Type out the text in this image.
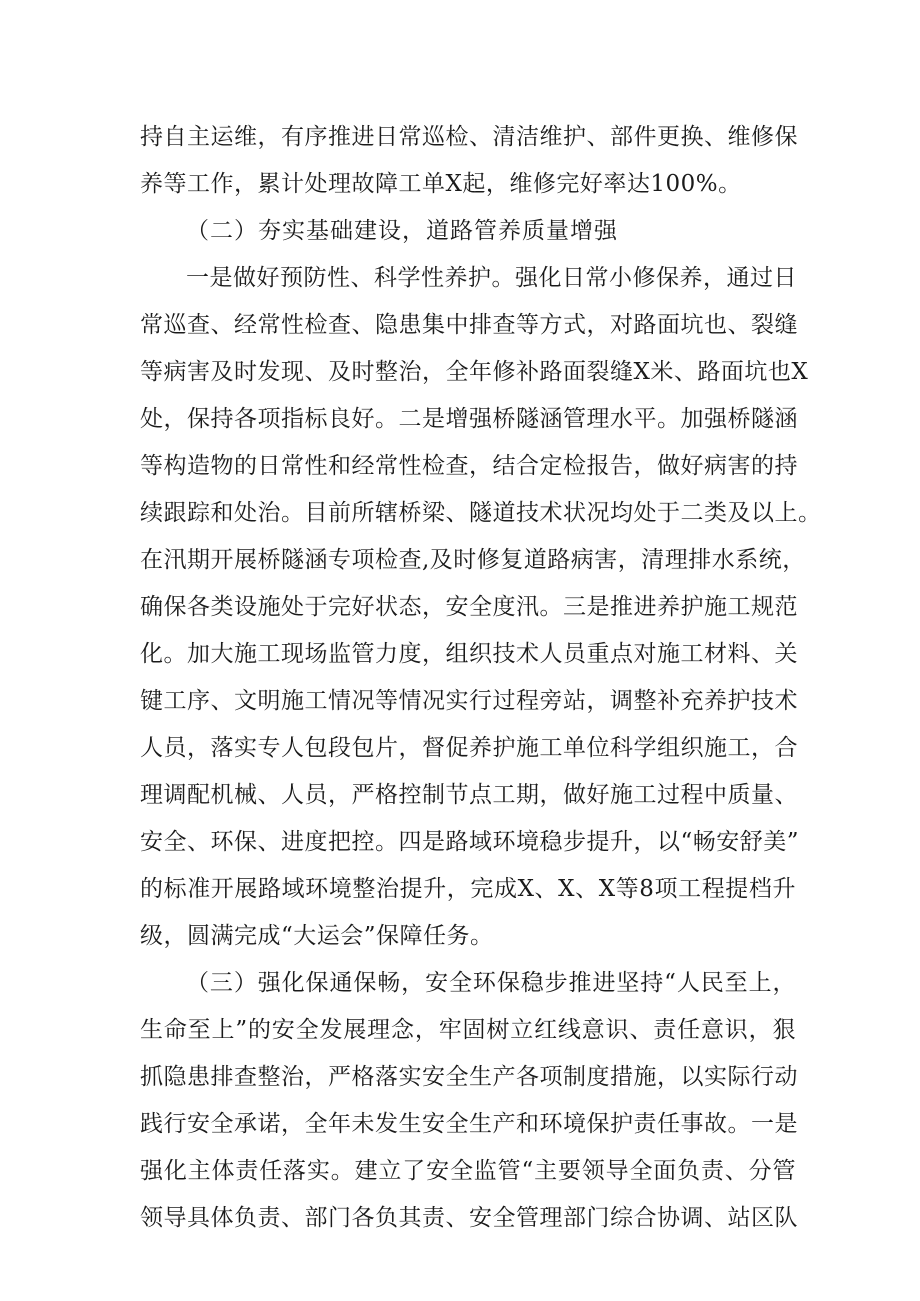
持自主运维，有序推进日常巡检、清洁维护、部件更换、维修保
养等工作，累计处理故障工单X起，维修完好率达100%。
（二）夯实基础建设，道路管养质量增强
一是做好预防性、科学性养护。强化日常小修保养，通过日
常巡查、经常性检查、隐患集中排查等方式，对路面坑也、裂缝
等病害及时发现、及时整治，全年修补路面裂缝X米、路面坑也X
处，保持各项指标良好。二是增强桥隧涵管理水平。加强桥隧涵
等构造物的日常性和经常性检查，结合定检报告，做好病害的持
续跟踪和处治。目前所辖桥梁、隧道技术状况均处于二类及以上。
在汛期开展桥隧涵专项检查,及时修复道路病害，清理排水系统，
确保各类设施处于完好状态，安全度汛。三是推进养护施工规范
化。加大施工现场监管力度，组织技术人员重点对施工材料、关
键工序、文明施工情况等情况实行过程旁站，调整补充养护技术
人员，落实专人包段包片，督促养护施工单位科学组织施工，合
理调配机械、人员，严格控制节点工期，做好施工过程中质量、
安全、环保、进度把控。四是路域环境稳步提升，以“畅安舒美”
的标准开展路域环境整治提升，完成X、X、X等8项工程提档升
级，圆满完成“大运会”保障任务。
（三）强化保通保畅，安全环保稳步推进坚持“人民至上，
生命至上”的安全发展理念，牢固树立红线意识、责任意识，狠
抓隐患排查整治，严格落实安全生产各项制度措施，以实际行动
践行安全承诺，全年未发生安全生产和环境保护责任事故。一是
强化主体责任落实。建立了安全监管“主要领导全面负责、分管
领导具体负责、部门各负其责、安全管理部门综合协调、站区队
